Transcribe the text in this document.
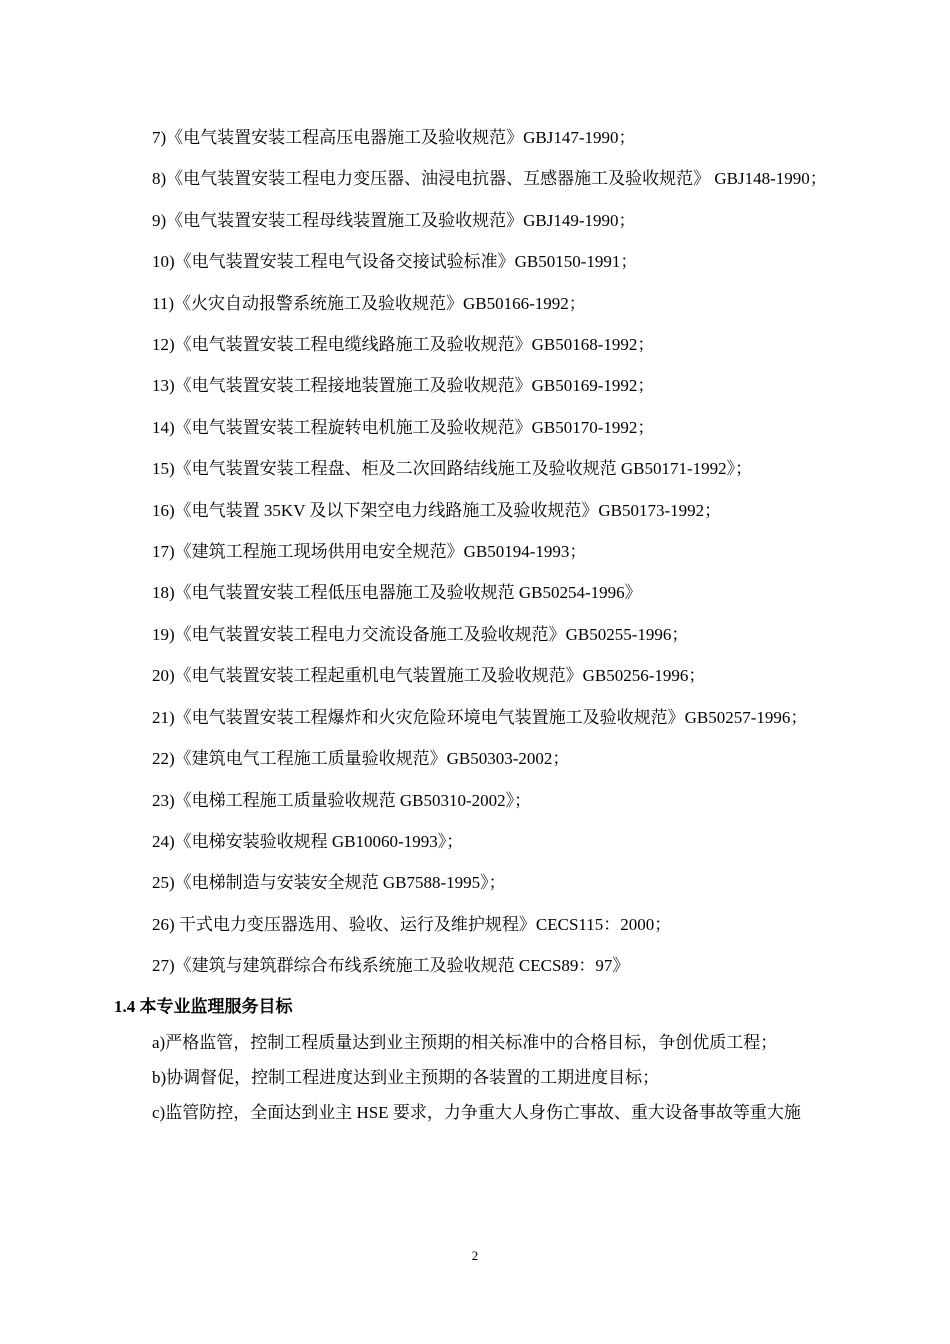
7)《电气装置安装工程高压电器施工及验收规范》GBJ147-1990；

8)《电气装置安装工程电力变压器、油浸电抗器、互感器施工及验收规范》 GBJ148-1990；

9)《电气装置安装工程母线装置施工及验收规范》GBJ149-1990；

10)《电气装置安装工程电气设备交接试验标准》GB50150-1991；

11)《火灾自动报警系统施工及验收规范》GB50166-1992；

12)《电气装置安装工程电缆线路施工及验收规范》GB50168-1992；

13)《电气装置安装工程接地装置施工及验收规范》GB50169-1992；

14)《电气装置安装工程旋转电机施工及验收规范》GB50170-1992；

15)《电气装置安装工程盘、柜及二次回路结线施工及验收规范 GB50171-1992》；

16)《电气装置 35KV 及以下架空电力线路施工及验收规范》GB50173-1992；

17)《建筑工程施工现场供用电安全规范》GB50194-1993；

18)《电气装置安装工程低压电器施工及验收规范 GB50254-1996》

19)《电气装置安装工程电力交流设备施工及验收规范》GB50255-1996；

20)《电气装置安装工程起重机电气装置施工及验收规范》GB50256-1996；

21)《电气装置安装工程爆炸和火灾危险环境电气装置施工及验收规范》GB50257-1996；

22)《建筑电气工程施工质量验收规范》GB50303-2002；

23)《电梯工程施工质量验收规范 GB50310-2002》；

24)《电梯安装验收规程 GB10060-1993》；

25)《电梯制造与安装安全规范 GB7588-1995》；

26) 干式电力变压器选用、验收、运行及维护规程》CECS115：2000；

27)《建筑与建筑群综合布线系统施工及验收规范 CECS89：97》

1.4 本专业监理服务目标

a)严格监管，控制工程质量达到业主预期的相关标准中的合格目标，争创优质工程；

b)协调督促，控制工程进度达到业主预期的各装置的工期进度目标；

c)监管防控，全面达到业主 HSE 要求，力争重大人身伤亡事故、重大设备事故等重大施

2
